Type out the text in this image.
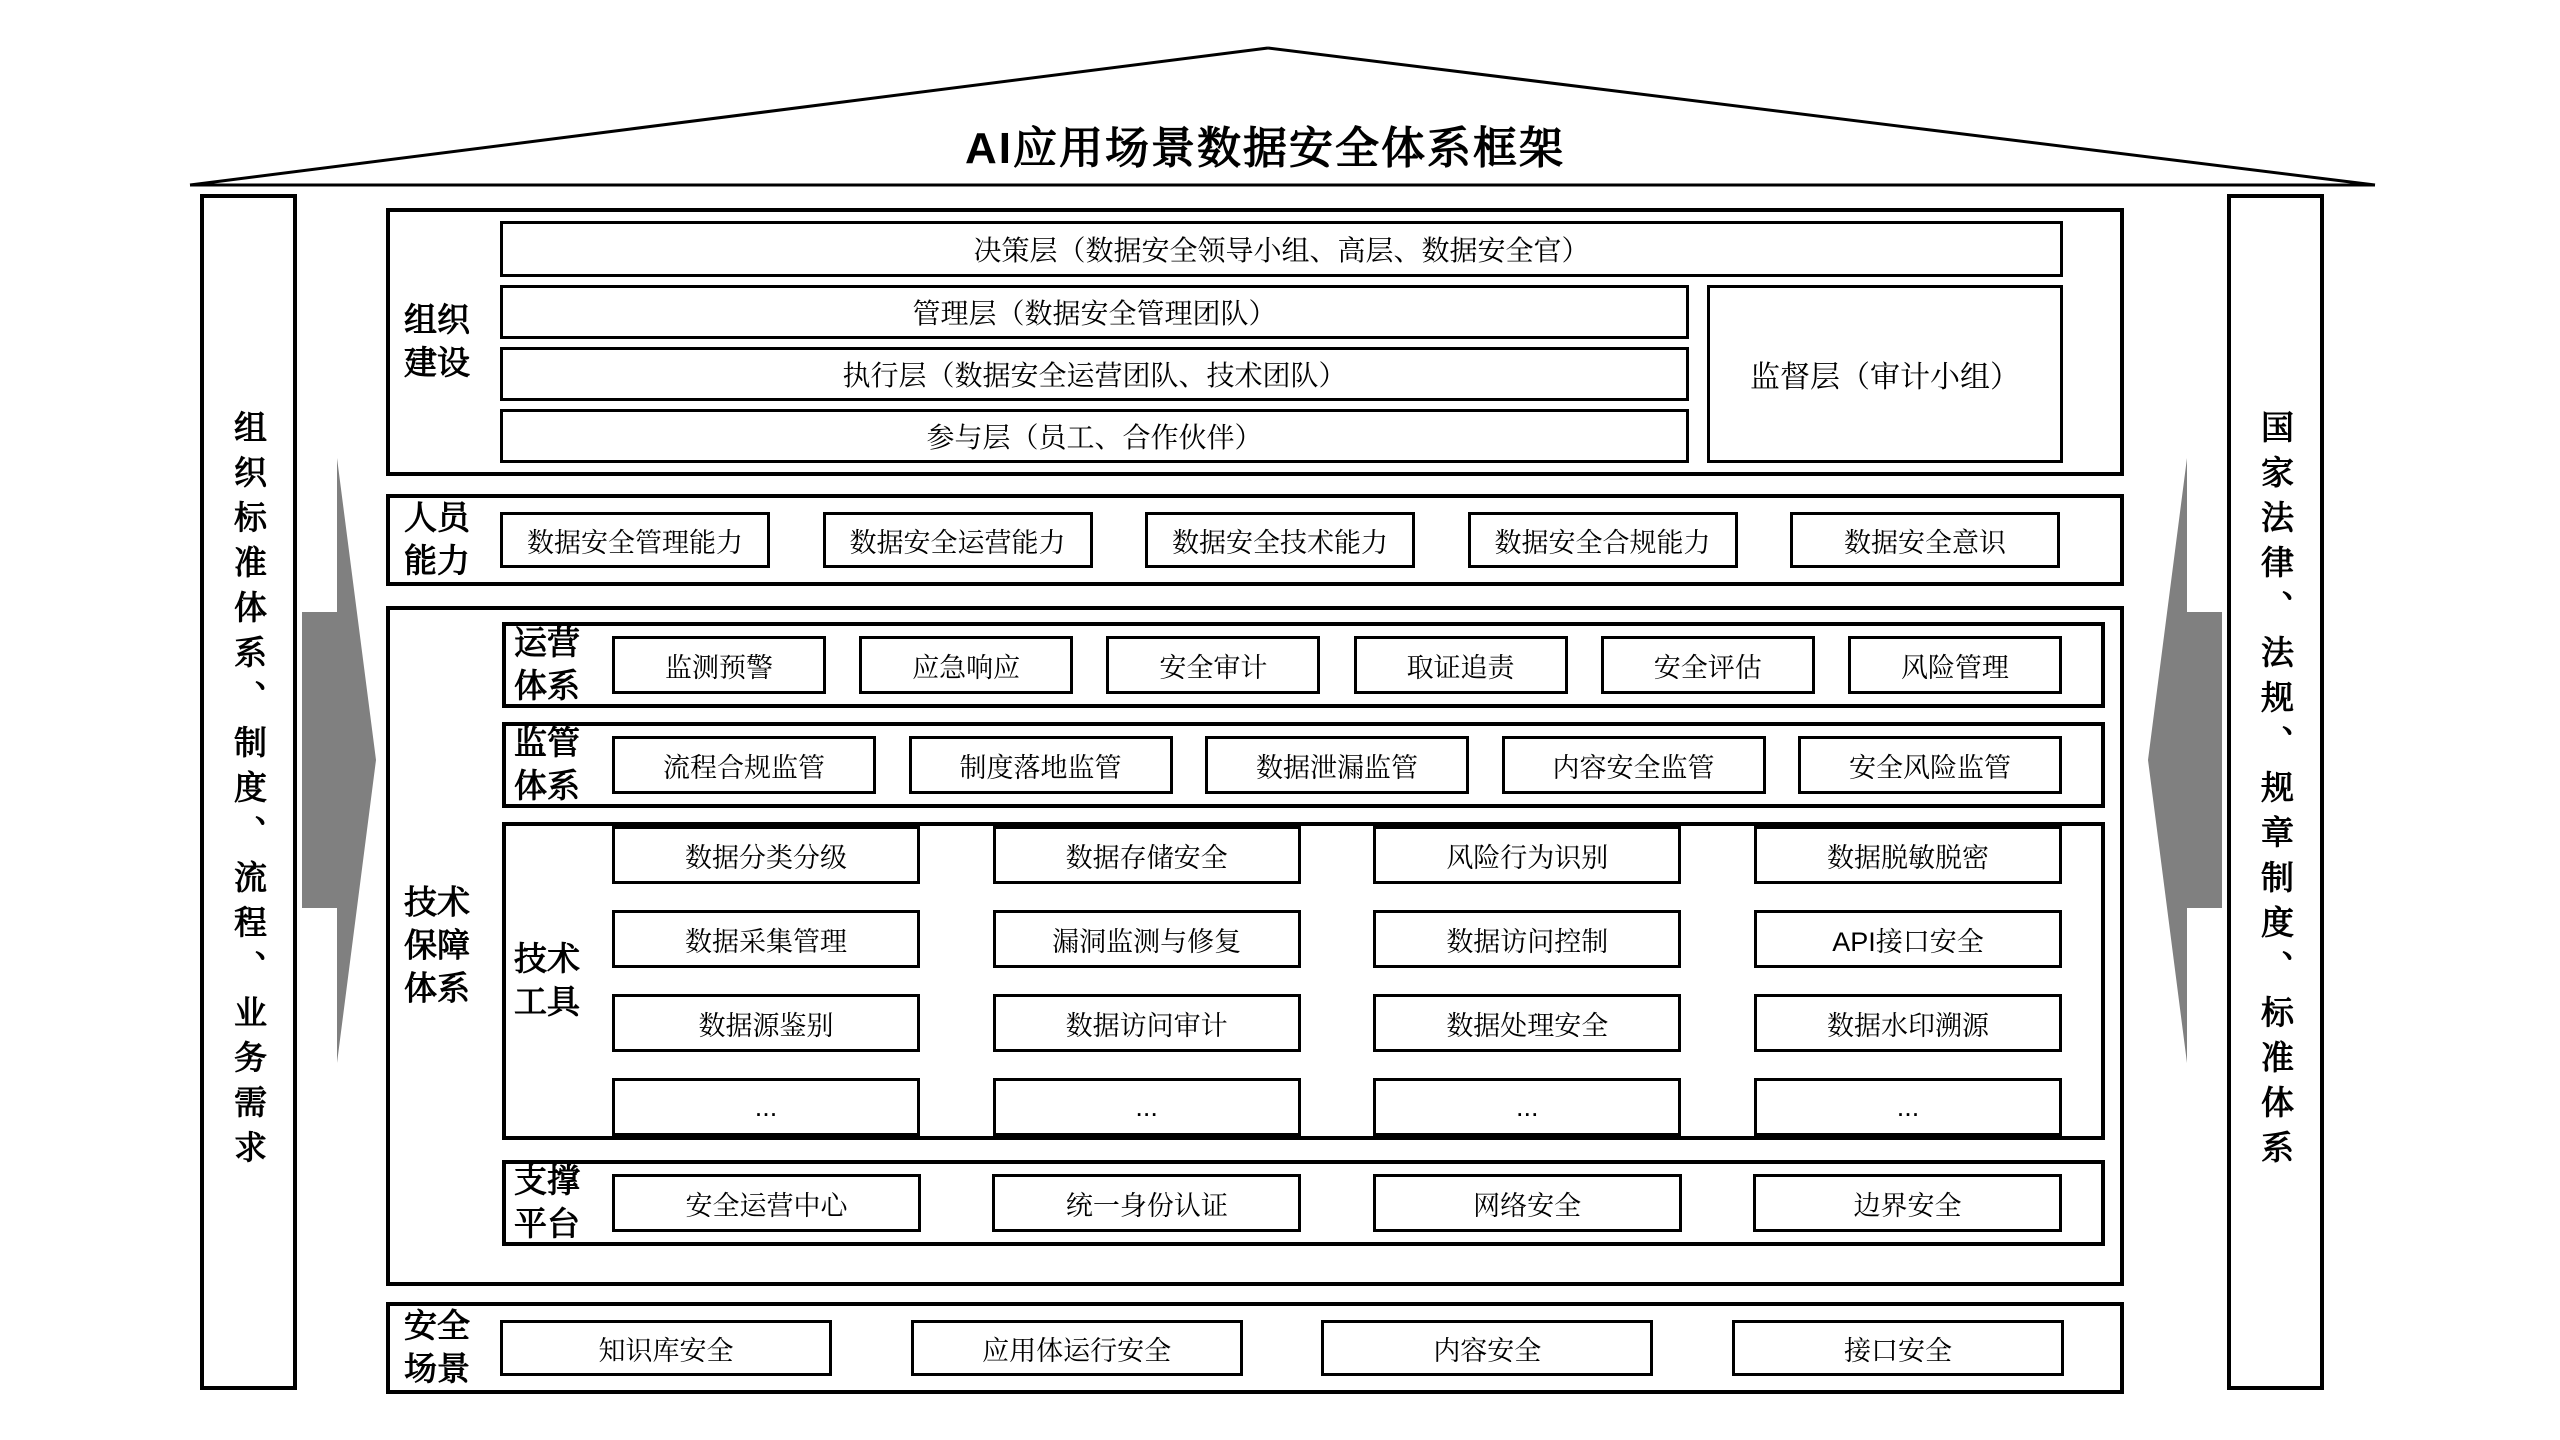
AI应用场景数据安全体系框架
组织标准体系、制度、流程、业务需求	国家法律、法规、规章制度、标准体系
组织建设
决策层（数据安全领导小组、高层、数据安全官）
管理层（数据安全管理团队）
执行层（数据安全运营团队、技术团队）
参与层（员工、合作伙伴）
监督层（审计小组）
人员能力	数据安全管理能力	数据安全运营能力	数据安全技术能力	数据安全合规能力	数据安全意识
技术保障体系
运营体系	监测预警	应急响应	安全审计	取证追责	安全评估	风险管理
监管体系	流程合规监管	制度落地监管	数据泄漏监管	内容安全监管	安全风险监管
技术工具
数据分类分级	数据存储安全	风险行为识别	数据脱敏脱密
数据采集管理	漏洞监测与修复	数据访问控制	API接口安全
数据源鉴别	数据访问审计	数据处理安全	数据水印溯源
...	...	...	...
支撑平台	安全运营中心	统一身份认证	网络安全	边界安全
安全场景	知识库安全	应用体运行安全	内容安全	接口安全
